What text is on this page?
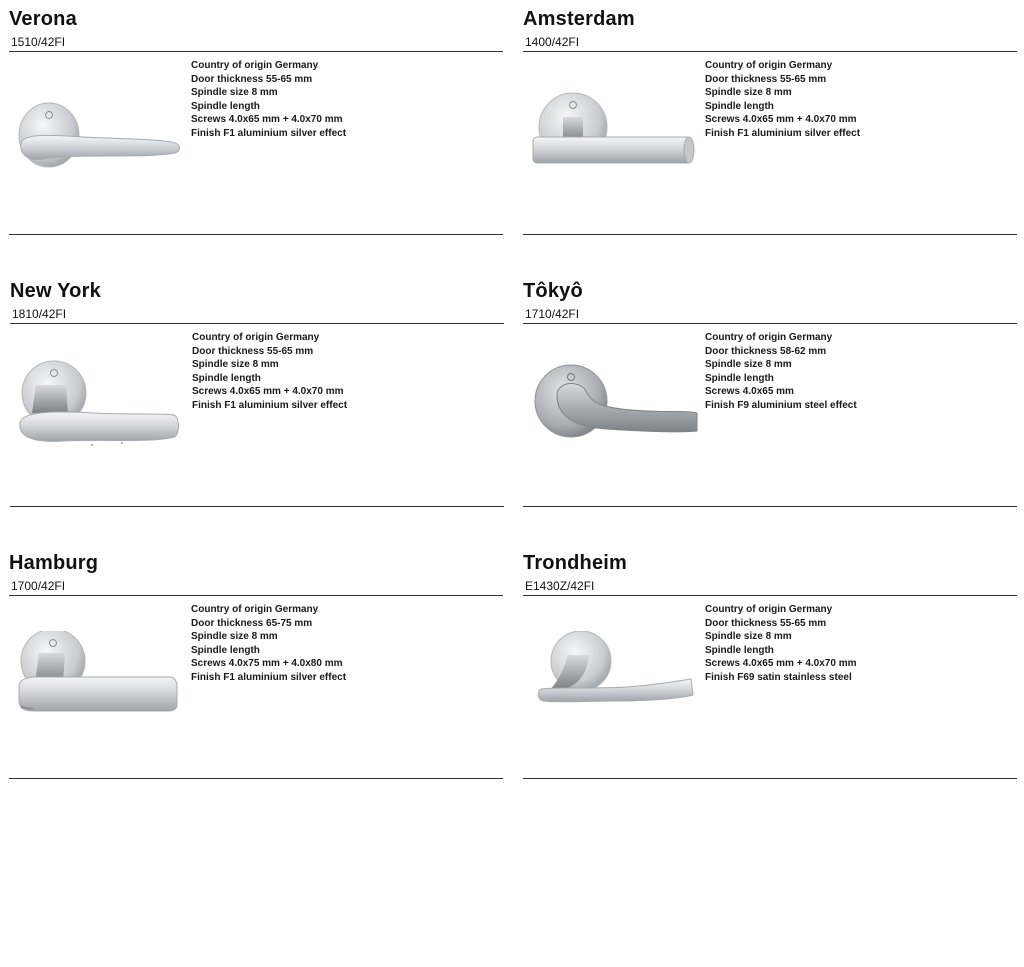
Verona
1510/42FI
Country of origin Germany
Door thickness 55-65 mm
Spindle size 8 mm
Spindle length
Screws 4.0x65 mm + 4.0x70 mm
Finish F1 aluminium silver effect
Amsterdam
1400/42FI
Country of origin Germany
Door thickness 55-65 mm
Spindle size 8 mm
Spindle length
Screws 4.0x65 mm + 4.0x70 mm
Finish F1 aluminium silver effect
New York
1810/42FI
Country of origin Germany
Door thickness 55-65 mm
Spindle size 8 mm
Spindle length
Screws 4.0x65 mm + 4.0x70 mm
Finish F1 aluminium silver effect
Tôkyô
1710/42FI
Country of origin Germany
Door thickness 58-62 mm
Spindle size 8 mm
Spindle length
Screws 4.0x65 mm
Finish F9 aluminium steel effect
Hamburg
1700/42FI
Country of origin Germany
Door thickness 65-75 mm
Spindle size 8 mm
Spindle length
Screws 4.0x75 mm + 4.0x80 mm
Finish F1 aluminium silver effect
Trondheim
E1430Z/42FI
Country of origin Germany
Door thickness 55-65 mm
Spindle size 8 mm
Spindle length
Screws 4.0x65 mm + 4.0x70 mm
Finish F69 satin stainless steel
